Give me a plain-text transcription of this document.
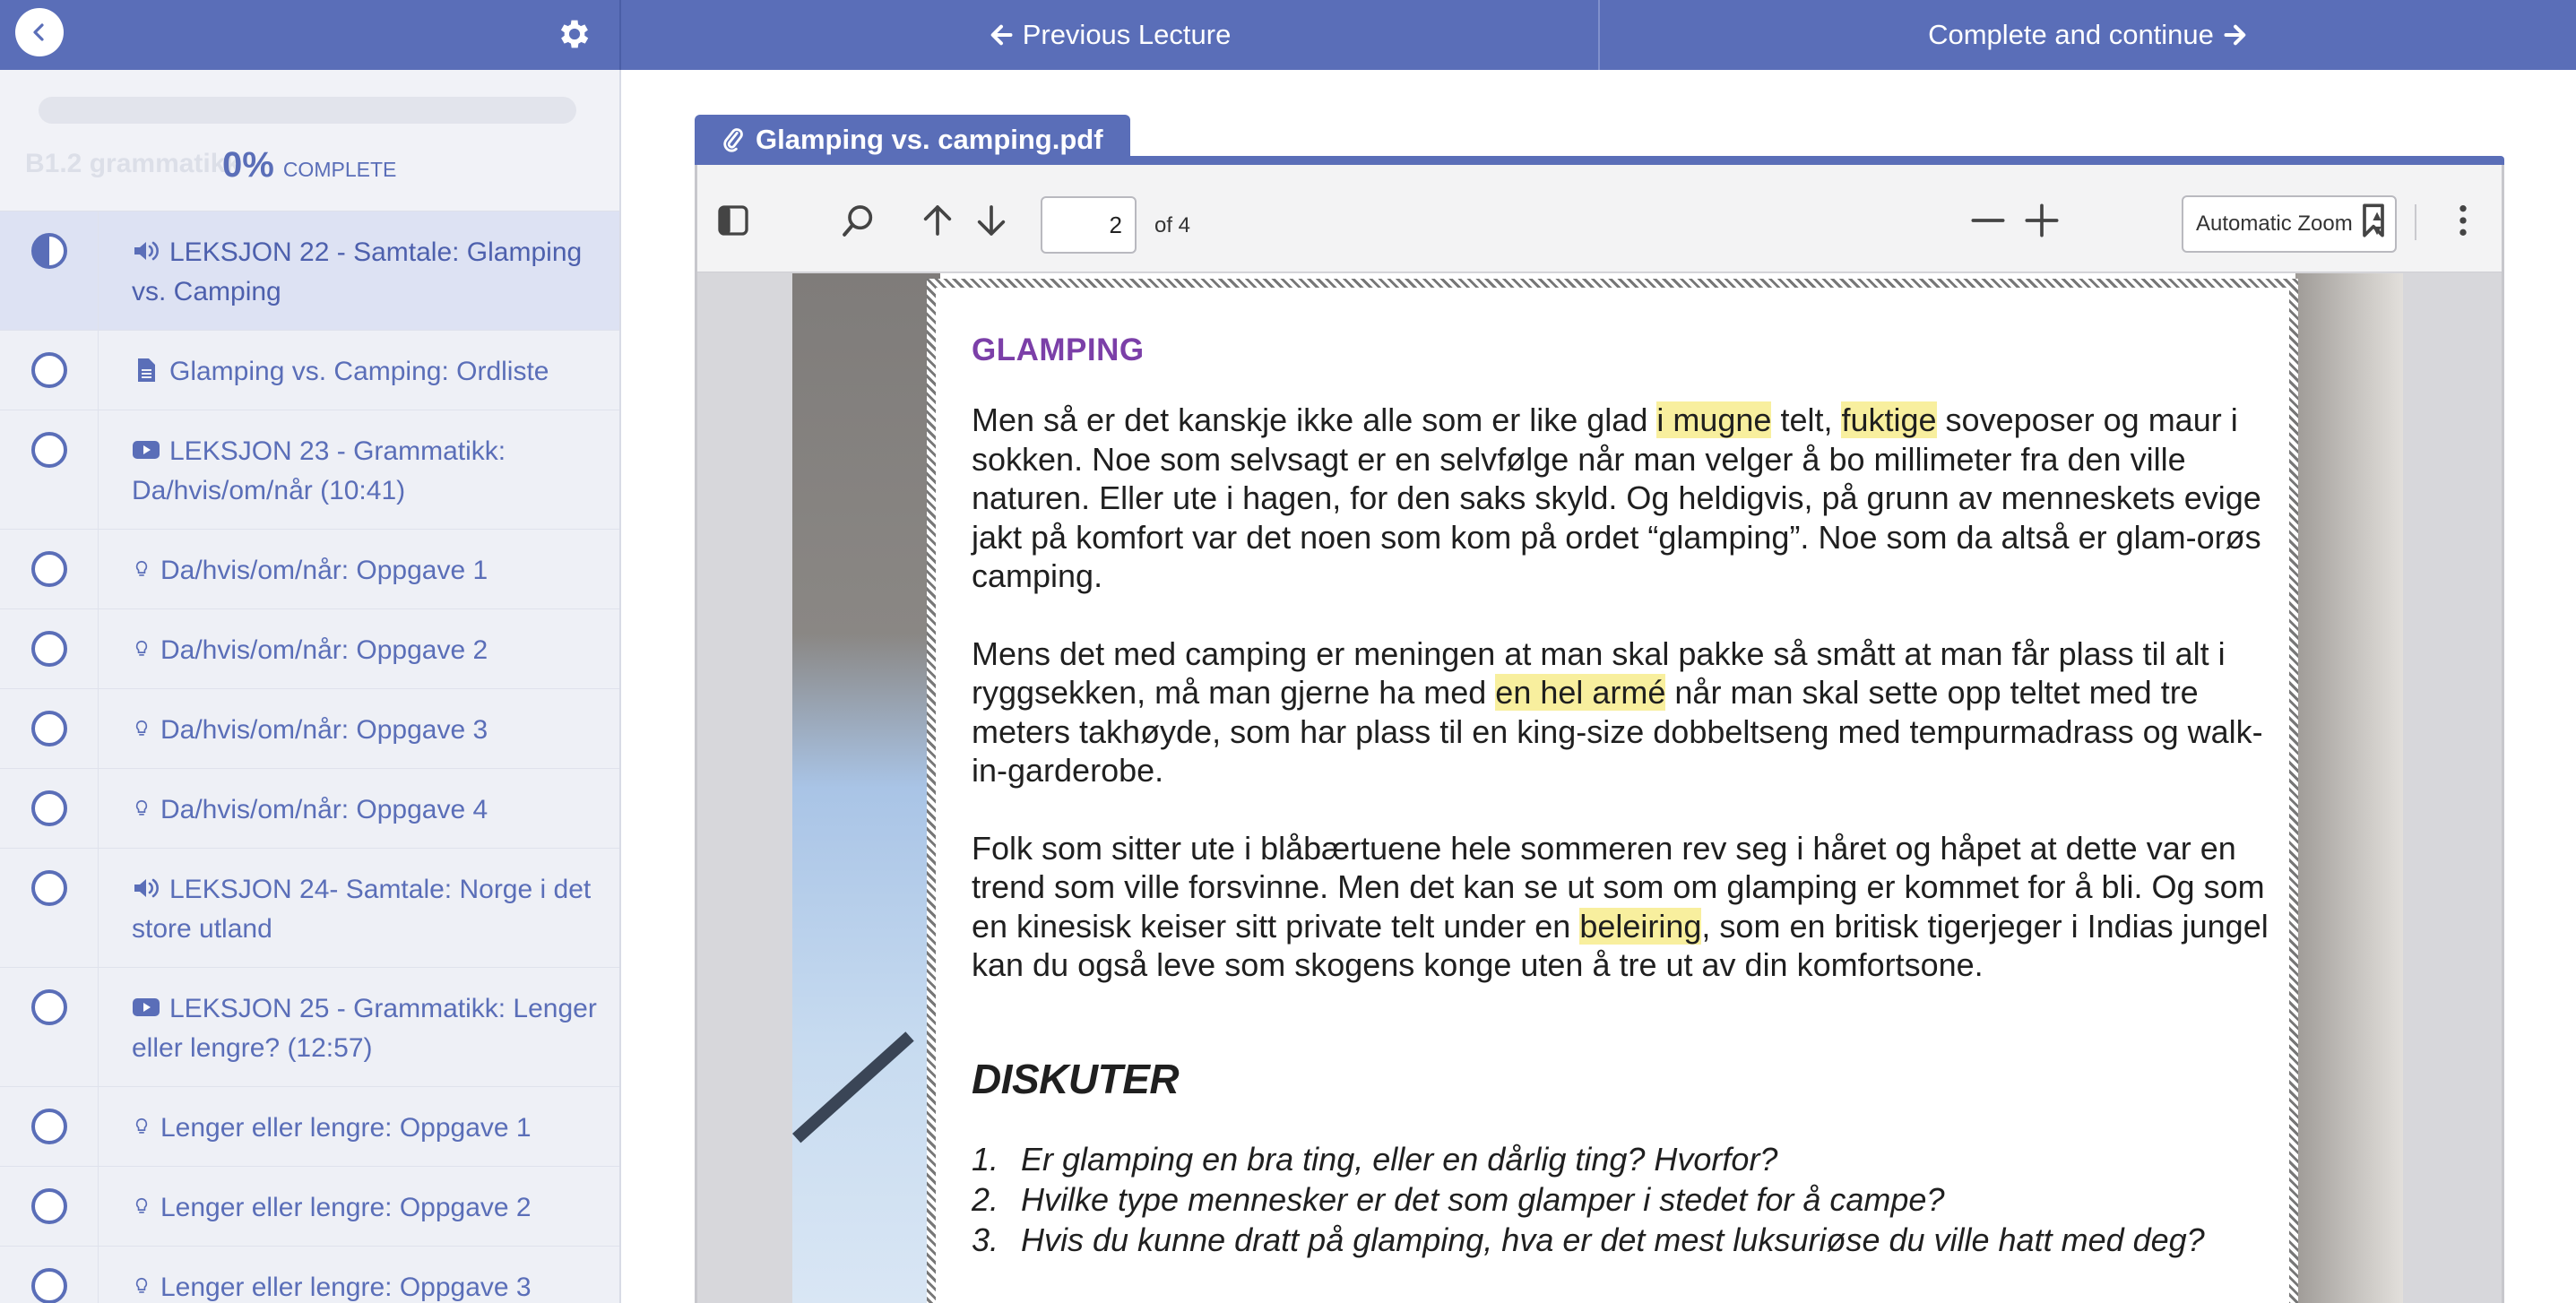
Previous Lecture	Complete and continue
B1.2 grammatikk
0% COMPLETE
LEKSJON 22 - Samtale: Glamping vs. Camping
Glamping vs. Camping: Ordliste
LEKSJON 23 - Grammatikk: Da/hvis/om/når (10:41)
Da/hvis/om/når: Oppgave 1
Da/hvis/om/når: Oppgave 2
Da/hvis/om/når: Oppgave 3
Da/hvis/om/når: Oppgave 4
LEKSJON 24- Samtale: Norge i det store utland
LEKSJON 25 - Grammatikk: Lenger eller lengre? (12:57)
Lenger eller lengre: Oppgave 1
Lenger eller lengre: Oppgave 2
Lenger eller lengre: Oppgave 3
Glamping vs. camping.pdf
2
of 4	Automatic Zoom ▲
▼
GLAMPING

Men så er det kanskje ikke alle som er like glad i mugne telt, fuktige soveposer og maur i sokken. Noe som selvsagt er en selvfølge når man velger å bo millimeter fra den ville naturen. Eller ute i hagen, for den saks skyld. Og heldigvis, på grunn av menneskets evige jakt på komfort var det noen som kom på ordet “glamping”. Noe som da altså er glam-orøs camping.

Mens det med camping er meningen at man skal pakke så smått at man får plass til alt i ryggsekken, må man gjerne ha med en hel armé når man skal sette opp teltet med tre meters takhøyde, som har plass til en king-size dobbeltseng med tempurmadrass og walk-in-garderobe.

Folk som sitter ute i blåbærtuene hele sommeren rev seg i håret og håpet at dette var en trend som ville forsvinne. Men det kan se ut som om glamping er kommet for å bli. Og som en kinesisk keiser sitt private telt under en beleiring, som en britisk tigerjeger i Indias jungel kan du også leve som skogens konge uten å tre ut av din komfortsone.

DISKUTER
1. Er glamping en bra ting, eller en dårlig ting? Hvorfor?
2. Hvilke type mennesker er det som glamper i stedet for å campe?
3. Hvis du kunne dratt på glamping, hva er det mest luksuriøse du ville hatt med deg?
